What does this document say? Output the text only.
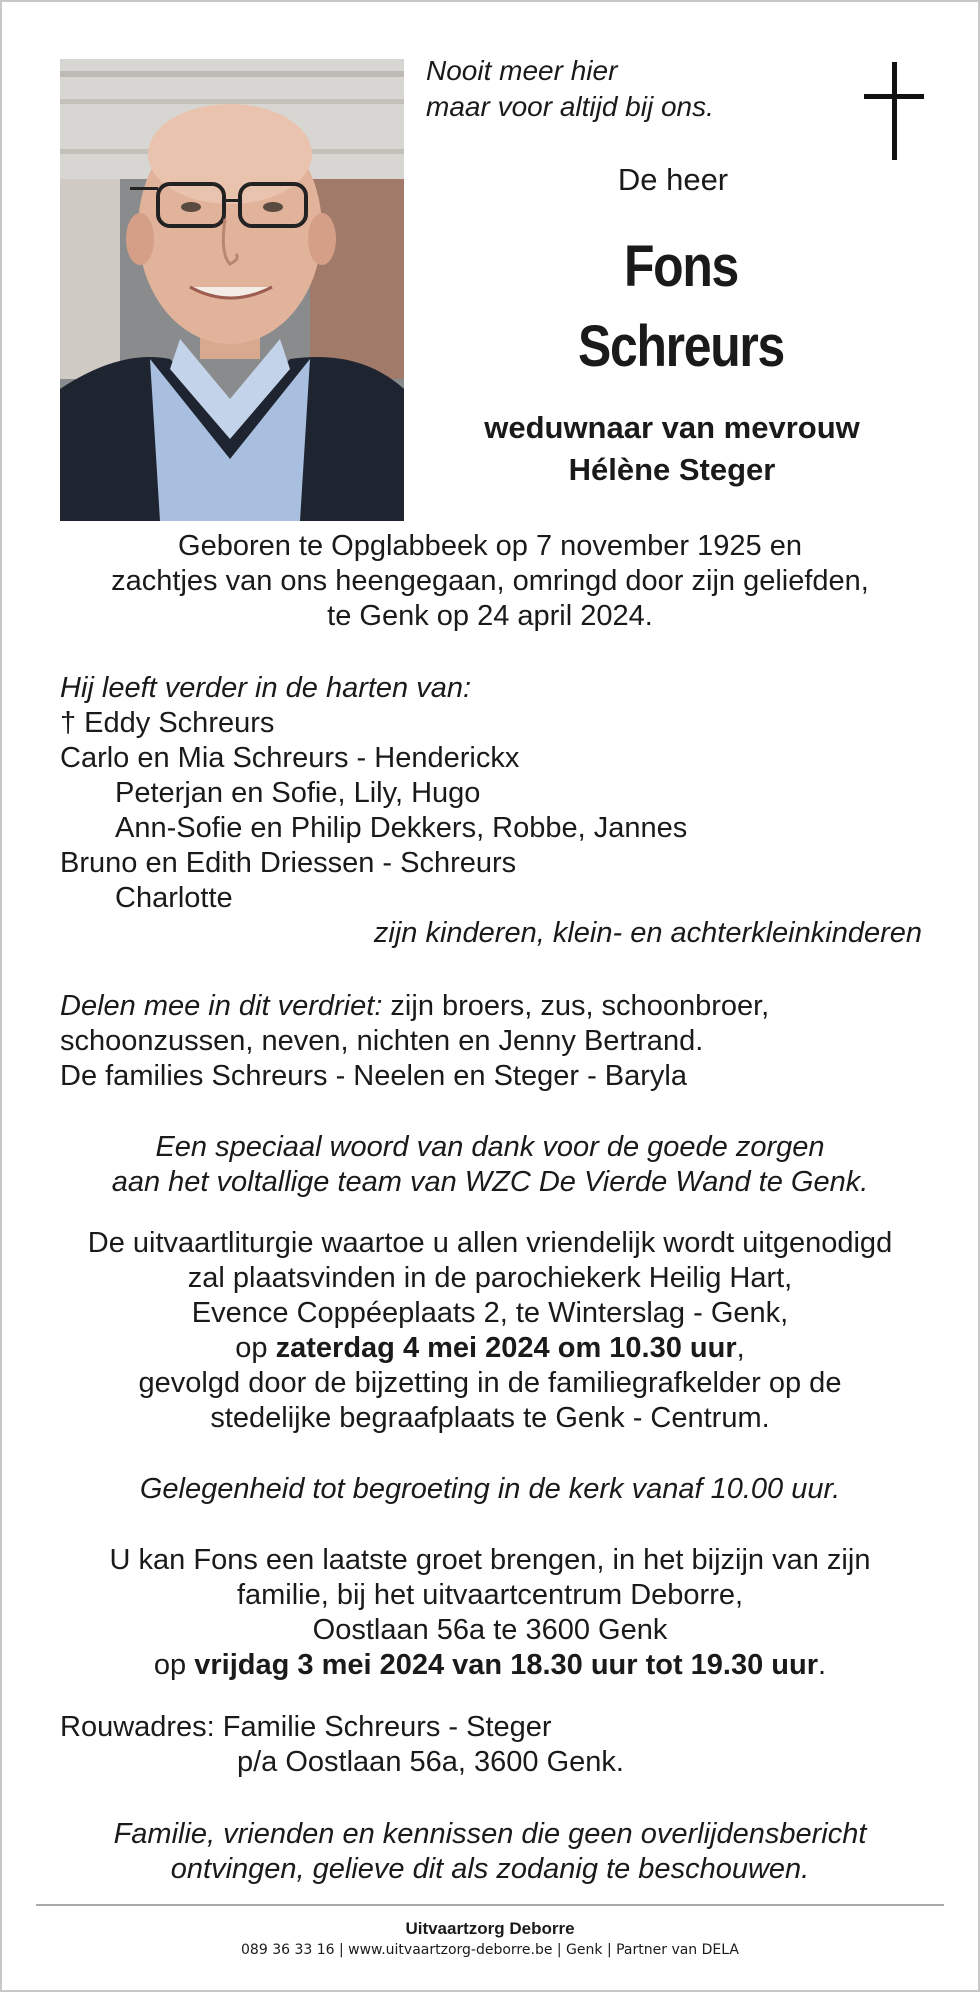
Nooit meer hier
maar voor altijd bij ons.
De heer
Fons
Schreurs
weduwnaar van mevrouw
Hélène Steger
Geboren te Opglabbeek op 7 november 1925 en
zachtjes van ons heengegaan, omringd door zijn geliefden,
te Genk op 24 april 2024.
Hij leeft verder in de harten van:
† Eddy Schreurs
Carlo en Mia Schreurs - Henderickx
Peterjan en Sofie, Lily, Hugo
Ann-Sofie en Philip Dekkers, Robbe, Jannes
Bruno en Edith Driessen - Schreurs
Charlotte
zijn kinderen, klein- en achterkleinkinderen
Delen mee in dit verdriet: zijn broers, zus, schoonbroer,
schoonzussen, neven, nichten en Jenny Bertrand.
De families Schreurs - Neelen en Steger - Baryla
Een speciaal woord van dank voor de goede zorgen
aan het voltallige team van WZC De Vierde Wand te Genk.
De uitvaartliturgie waartoe u allen vriendelijk wordt uitgenodigd
zal plaatsvinden in de parochiekerk Heilig Hart,
Evence Coppéeplaats 2, te Winterslag - Genk,
op zaterdag 4 mei 2024 om 10.30 uur,
gevolgd door de bijzetting in de familiegrafkelder op de
stedelijke begraafplaats te Genk - Centrum.
Gelegenheid tot begroeting in de kerk vanaf 10.00 uur.
U kan Fons een laatste groet brengen, in het bijzijn van zijn
familie, bij het uitvaartcentrum Deborre,
Oostlaan 56a te 3600 Genk
op vrijdag 3 mei 2024 van 18.30 uur tot 19.30 uur.
Rouwadres: Familie Schreurs - Steger
p/a Oostlaan 56a, 3600 Genk.
Familie, vrienden en kennissen die geen overlijdensbericht
ontvingen, gelieve dit als zodanig te beschouwen.
Uitvaartzorg Deborre
089 36 33 16 | www.uitvaartzorg-deborre.be | Genk | Partner van DELA
